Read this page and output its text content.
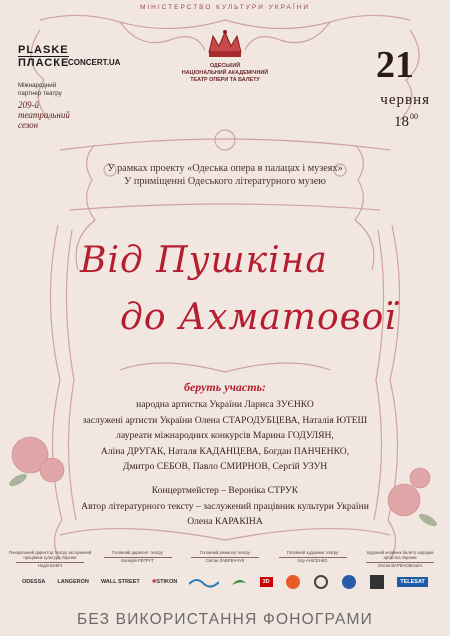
МІНІСТЕРСТВО КУЛЬТУРИ УКРАЇНИ
ОДЕСЬКИЙ
НАЦІОНАЛЬНИЙ АКАДЕМІЧНИЙ
ТЕАТР ОПЕРИ ТА БАЛЕТУ
PLASKE
ПЛАСКЕ
CONCERT.UA
Міжнародний
партнер театру
209-й
театральний
сезон
21
червня
$18^{00}$
У рамках проекту «Одеська опера в палацах і музеях»
У приміщенні Одеського літературного музею
Від Пушкіна
до Ахматової
беруть участь:
народна артистка України Лариса ЗУЄНКО
заслужені артисти України Олена СТАРОДУБЦЕВА, Наталія ЮТЕШ
лауреати міжнародних конкурсів Марина ГОДУЛЯН,
Аліна ДРУГАК, Наталя КАДАНЦЕВА, Богдан ПАНЧЕНКО,
Дмитро СЕБОВ, Павло СМИРНОВ, Сергій УЗУН
Концертмейстер – Вероніка СТРУК
Автор літературного тексту – заслужений працівник культури України
Олена КАРАКІНА
Генеральний директор театру заслужений працівник культури України
Надія БАБІЧ
Головний диригент театру
Валерій РЕГРУТ
Головний режисер театру
Світан ЛАВРЕНЧУК
Головний художник театру
Ігор АНІСЕНКО
Художній керівник балету народна артистка України
Олена ВАРЕНОВСЬКА
ODESSA LANGERON WALL STREET ✸STIKON	3D	TELESAT
БЕЗ ВИКОРИСТАННЯ ФОНОГРАМИ
